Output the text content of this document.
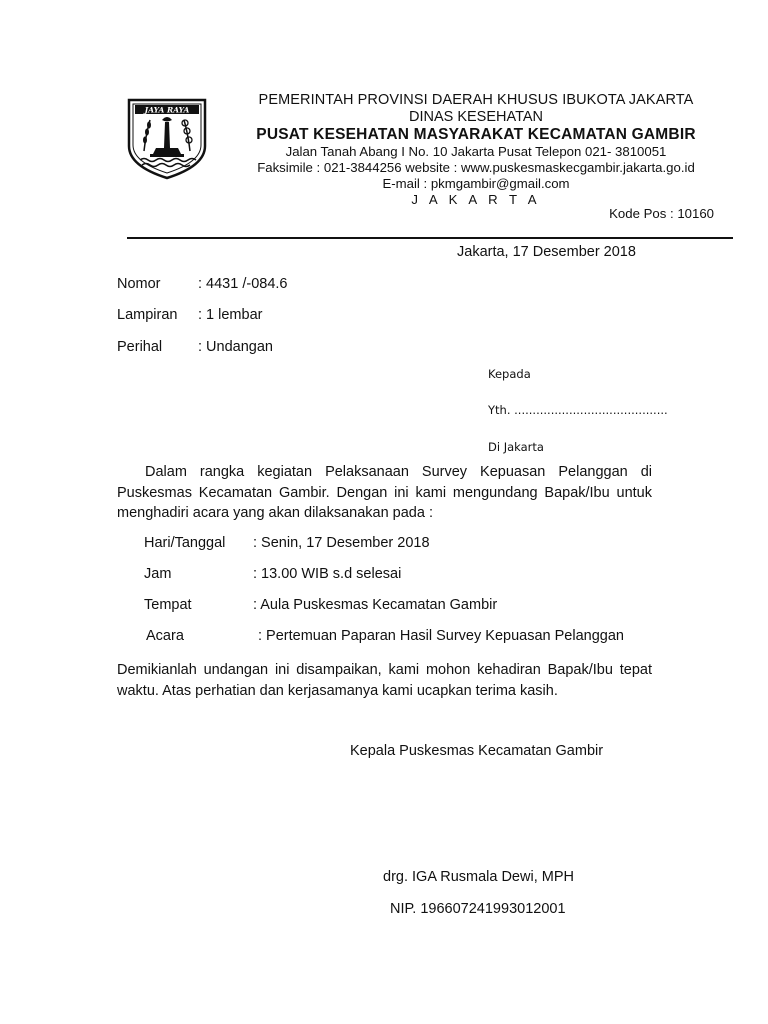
JAYA RAYA
PEMERINTAH PROVINSI DAERAH KHUSUS IBUKOTA JAKARTA
DINAS KESEHATAN
PUSAT KESEHATAN MASYARAKAT KECAMATAN GAMBIR
Jalan Tanah Abang I No. 10 Jakarta Pusat Telepon 021- 3810051
Faksimile : 021-3844256 website : www.puskesmaskecgambir.jakarta.go.id
E-mail : pkmgambir@gmail.com
J A K A R T A
Kode Pos : 10160
Jakarta, 17 Desember 2018
Nomor	: 4431 /-084.6
Lampiran : 1 lembar
Perihal : Undangan
Kepada
Yth. ..........................................
Di Jakarta
Dalam rangka kegiatan Pelaksanaan Survey Kepuasan Pelanggan di Puskesmas Kecamatan Gambir. Dengan ini kami mengundang Bapak/Ibu untuk menghadiri acara yang akan dilaksanakan pada :
Hari/Tanggal : Senin, 17 Desember 2018
Jam	: 13.00 WIB s.d selesai
Tempat	: Aula Puskesmas Kecamatan Gambir
Acara	: Pertemuan Paparan Hasil Survey Kepuasan Pelanggan
Demikianlah undangan ini disampaikan, kami mohon kehadiran Bapak/Ibu tepat waktu. Atas perhatian dan kerjasamanya kami ucapkan terima kasih.
Kepala Puskesmas Kecamatan Gambir
drg. IGA Rusmala Dewi, MPH
NIP. 196607241993012001
